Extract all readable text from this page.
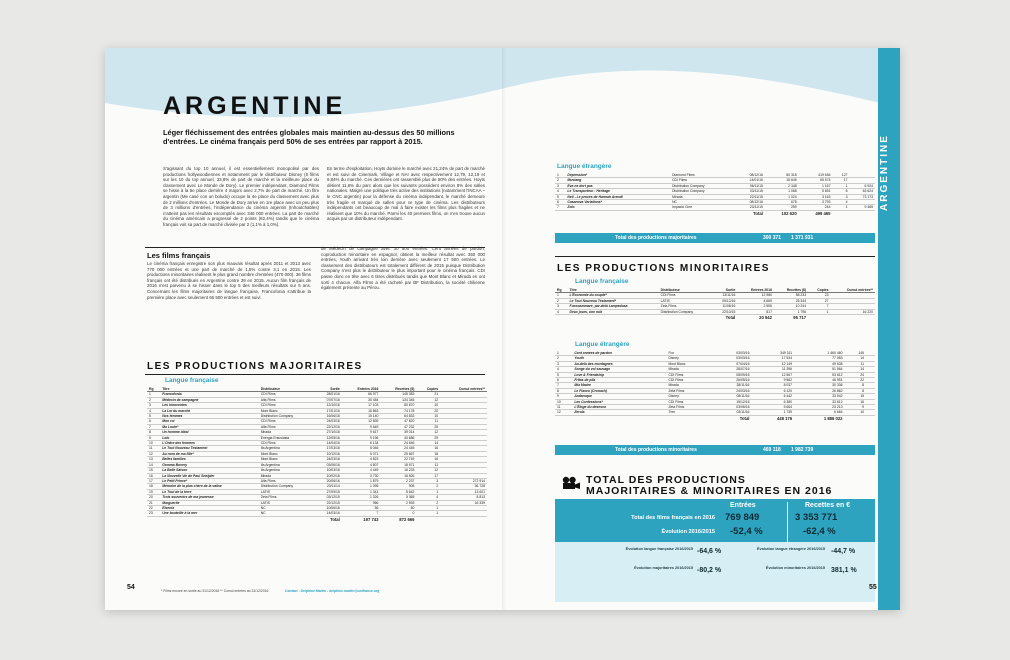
ARGENTINE
ARGENTINE
Léger fléchissement des entrées globales mais maintien au-dessus des 50 millions d'entrées. Le cinéma français perd 50% de ses entrées par rapport à 2015.
S'agissant du top 10 annuel, il est essentiellement monopolisé par des productions hollywoodiennes et notamment par le distributeur Disney (5 films sur les 10 du top annuel, 33,8% de part de marché et la meilleure place du classement avec Le Monde de Dory). Le premier indépendant, Diamond Films se hisse à la 5e place derrière 4 majors avec 2,7% de part de marché. Un film argentin (Me casé con un boludo) occupe la 4e place du classement avec plus de 2 millions d'entrées. Le Monde de Dory arrive en 1re place avec un peu plus de 3 millions d'entrées, l'indépendance du cinéma argentin (Inhoutchables) n'atteint pas les résultats escomptés avec 346 000 entrées. La part de marché du cinéma américain a progressé de 2 points (82,4%) tandis que le cinéma français voit sa part de marché divisée par 2 (1,1% à 1,0%).
En terme d'exploitation, Hoyts domine le marché avec 21,24% de part de marché et est suivi de Cinemark, Village et NAI avec respectivement 12,79, 12,19 et 9,84% du marché. Ces dernières ont rassemblé plus de 50% des entrées. Hoyts détient 11,6% du parc alors que les suivants possèdent environ 8% des salles nationales. Malgré une politique très active des institutions (notamment l'INCAA – le CNC argentin) pour la défense du cinéma indépendant, le marché demeure très fragile et marqué de salles pour ce type de cinéma. Les distributeurs indépendants ont beaucoup de mal à faire exister les films plus fragiles et ne réalisent que 10% du marché. Parmi les 40 premiers films, on n'en trouve aucun acquis par un distributeur indépendant.
Les films français
Le cinéma français enregistre son plus mauvais résultat après 2011 et 2013 avec 770 000 entrées et une part de marché de 1,5% contre 3,1 en 2015. Les productions minoritaires réalisent le plus grand nombre d'entrées (470 000). 36 films français ont été distribués en Argentine contre 39 en 2015. Aucun film français de 2016 n'est parvenu à se hisser dans le top 5 des meilleurs résultats sur 5 ans. Concernant les films majoritaires de langue française, Francofonia s'attribue la première place avec seulement 66 500 entrées et est suivi
de Médecin de campagne avec 30 500 entrées. Cent années de pardon, coproduction minoritaire en espagnol, obtient la meilleur résultat avec 350 000 entrées, Youth arrivant très loin derrière avec seulement 17 500 entrées. Le classement des distributeurs est totalement différent de 2015 puisque Distribution Company n'est plus le distributeur le plus important pour le cinéma français. CDI passe donc en tête avec 6 titres distribués tandis que Mont Blanc et Mirada en ont sorti 4 chacun. Alfa Films a été racheté par BF Distribution, la société chilienne également présente au Pérou.
LES PRODUCTIONS MAJORITAIRES
Langue française
Rg	Titre	Distributeur	Sortie	Entrées 2016	Recettes ($)	Copies	Cumul entrées**
1	Francofonia	CDI Films	28/01/16	66 977	145 353	21	
2	Médecin de campagne	Alfa Films	07/07/16	30 454	134 345	12	
3	Les Innocentes	CDI Films	12/10/16	17 103	80 870	10	
4	La Loi du marché	Mont Blanc	17/01/16	16 863	74 178	20	
5	Nos femmes	Distribution Company	16/06/16	15 140	64 833	10	
6	Mon roi	CDI Films	24/03/16	12 839	47 820	11	
7	Ma Loute*	Alfa Films	22/12/16	9 649	47 232	25	
8	Un homme idéal	Mirada	27/10/16	9 617	39 014	12	
9	Lolo	Energia Entusiasta	12/05/16	9 196	40 686	29	
10	L'Ordre des femmes	CDI Films	14/04/16	6 134	24 646	14	
11	Le Tout Nouveau Testament	Ifa Argentina	17/03/16	6 046	24 445	16	
12	Au nom de ma fille*	Mont Blanc	10/12/16	5 071	25 667	18	
13	Belles familles	Mont Blanc	24/03/16	4 823	22 749	16	
14	Gemma Bovery	Ifa Argentina	03/06/16	4 807	18 971	11	
15	La Belle Saison	Ifa Argentina	10/03/16	4 449	16 233	12	
16	La Nouvelle Vie de Paul Sneijder	Mirada	10/02/16	3 730	16 826	17	
17	Le Petit Prince*	Alfa Films	20/06/16	1 879	2 237	3	272 914
18	Mémoire de la plus chère de la valise	Distribution Company	20/11/14	1 395	905	2	36 728
19	Le Tout de la terre	LATIS	27/09/15	1 341	5 642	1	13 601
20	Trois souvenirs de ma jeunesse	Zeta Films	03/12/15	1 326	5 365	4	8 813
21	Marguerite	LATIS	22/12/15	966	2 593	2	16 339
22	Eisenia	NC	10/06/16	56	60	1	
23	Une bouteille à la mer	NC	14/03/16	7	0	1	
			Total	197 743	872 666		
54	* Films encore en sortie au 31/12/2016 ** Cumul entrées au 31/12/2016	Contact : Delphine Martin - delphine.martin@unifrance.org
Langue étrangère
1	Dépression*	Diamond Films	08/12/16	80 318	419 654	127	
2	Mustang	CDI Films	14/01/16	18 645	65 574	17	
3	Eva ne dort pas	Distribution Company	06/11/15	2 348	1 167	1	6 924
4	Le Transporteur : Héritage	Distribution Company	03/11/15	1 068	5 651	6	63 624
5	Neil - Le procès de Hannah Arendt	Mirada	22/11/15	1 024	3 163	3	73 173
6	Casanova Variations*	NC	08/12/16	678	3 793	4	
7	Zolo	Impacto Cine	23/11/15	259	244	1	9 465
			Total	102 620	499 465		
Total des productions majoritaires	300 371 1 371 931
LES PRODUCTIONS MINORITAIRES
Langue française
Rg	Titre	Distributeur	Sortie	Entrées 2016	Recettes ($)	Copies	Cumul entrées**
1	L'Économie du couple*	CDI Films	13/11/16	12 980	58 233	23	
2	Le Tout Nouveau Testament*	LATIS	09/12/16	4 669	25 344	27	
3	Fuocoammare, par-delà Lampedusa	Zeta Films	11/06/16	2 556	10 244	7	
4	Deux jours, une nuit	Distribution Company	22/10/15	817	1 796	1	16 220
			Total	20 942	95 717		
Langue étrangère
1	Cent années de pardon	Fox	03/03/16	349 311	1 460 460	145	
2	Youth	Disney	03/03/16	17 534	77 083	14	
3	Au-delà des montagnes	Mont Blanc	07/04/16	12 149	49 635	11	
4	Songe du vol sauvage	Mirada	28/07/16	11 396	51 564	14	
5	Love & Friendship	CDI Films	08/09/16	12 567	53 612	24	
6	Fritas de pila	CDI Films	26/05/16	9 862	46 951	22	
7	Mia Madre	Mirada	28/11/16	8 037	30 336	8	
8	Le Fiasco (Cronach)	Zeta Films	24/03/16	6 120	26 862	8	
9	Arabesque	Disney	08/11/16	6 442	33 042	15	
10	Les Confessions*	CDI Films	15/12/16	6 380	33 612	16	
11	L'Éloge du desesco	Zeta Films	03/06/16	5 664	23 213	9	
12	Zerola	Tren	03/11/16	1 739	6 664	10	
			Total	448 176	1 886 022		
Total des productions minoritaires	469 118 1 982 739
TOTAL DES PRODUCTIONS
MAJORITAIRES & MINORITAIRES EN 2016
Entrées	Recettes en €
Total des films français en 2016 769 849	3 353 771
Évolution 2016/2015 -52,4 %	-62,4 %
Évolution langue française 2016/2015 -64,6 %	Évolution langue étrangère 2016/2015 -44,7 %
Évolution majoritaires 2016/2015 -80,2 %	Évolution minoritaires 2016/2015 381,1 %
55
